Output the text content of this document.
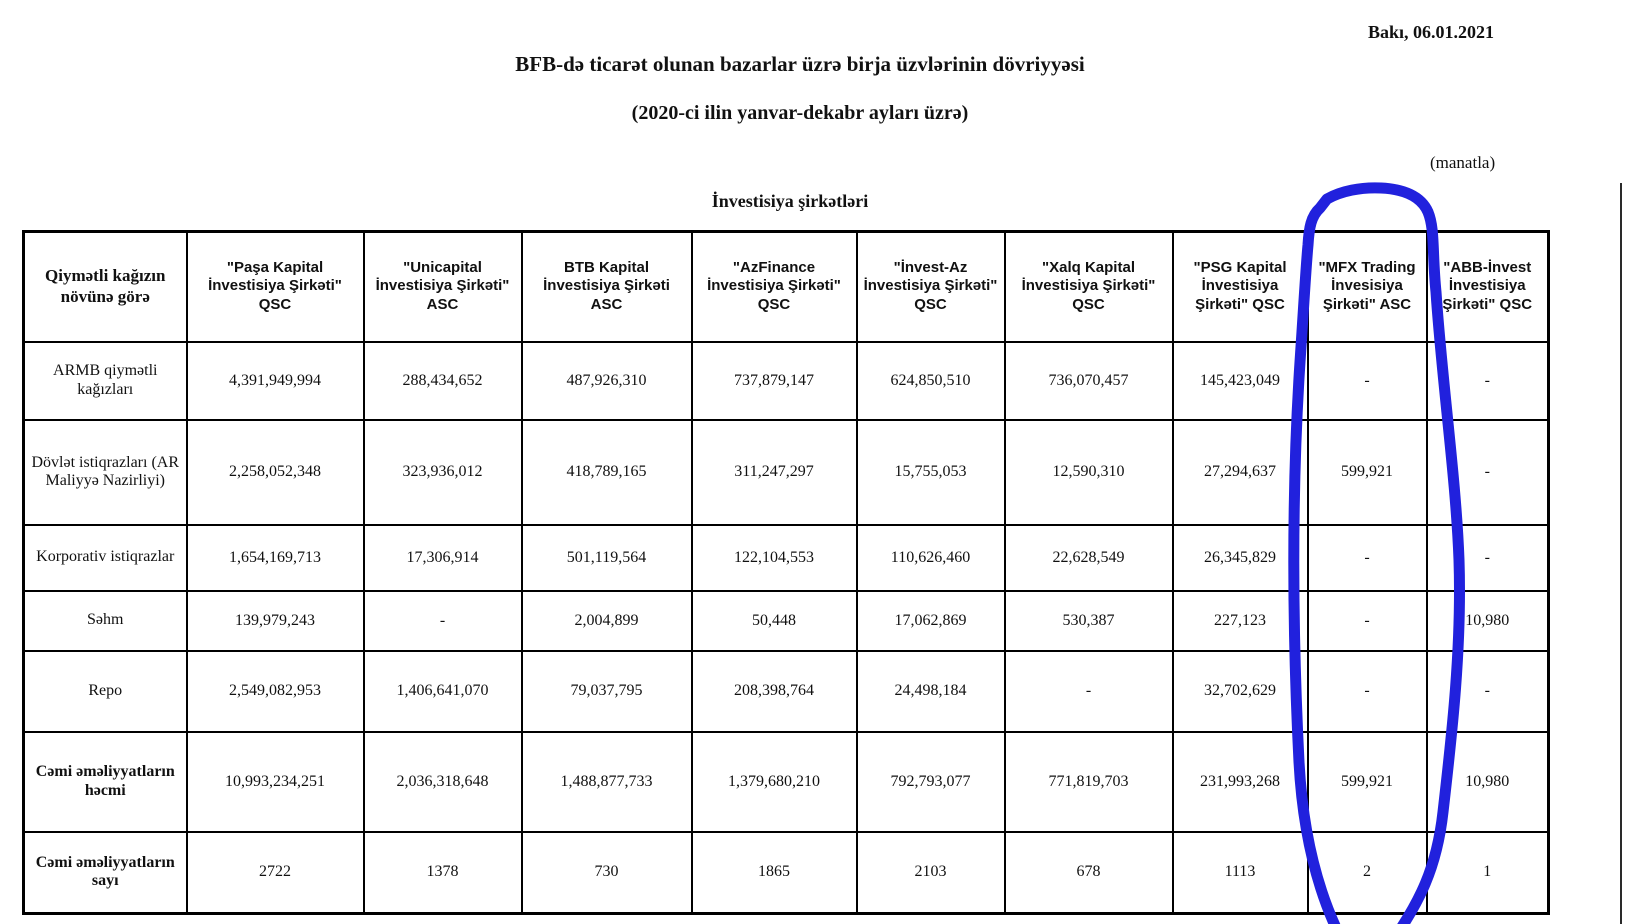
Bakı, 06.01.2021
BFB-də ticarət olunan bazarlar üzrə birja üzvlərinin dövriyyəsi
(2020-ci ilin yanvar-dekabr ayları üzrə)
(manatla)
İnvestisiya şirkətləri
Qiymətli kağızın növünə görə	"Paşa Kapital İnvestisiya Şirkəti" QSC	"Unicapital İnvestisiya Şirkəti" ASC	BTB Kapital İnvestisiya Şirkəti ASC	"AzFinance İnvestisiya Şirkəti" QSC	"İnvest-Az İnvestisiya Şirkəti" QSC	"Xalq Kapital İnvestisiya Şirkəti" QSC	"PSG Kapital İnvestisiya Şirkəti" QSC	"MFX Trading İnvesisiya Şirkəti" ASC	"ABB-İnvest İnvestisiya Şirkəti" QSC
ARMB qiymətli kağızları	4,391,949,994	288,434,652	487,926,310	737,879,147	624,850,510	736,070,457	145,423,049	-	-
Dövlət istiqrazları (AR Maliyyə Nazirliyi)	2,258,052,348	323,936,012	418,789,165	311,247,297	15,755,053	12,590,310	27,294,637	599,921	-
Korporativ istiqrazlar	1,654,169,713	17,306,914	501,119,564	122,104,553	110,626,460	22,628,549	26,345,829	-	-
Səhm	139,979,243	-	2,004,899	50,448	17,062,869	530,387	227,123	-	10,980
Repo	2,549,082,953	1,406,641,070	79,037,795	208,398,764	24,498,184	-	32,702,629	-	-
Cəmi əməliyyatların həcmi	10,993,234,251	2,036,318,648	1,488,877,733	1,379,680,210	792,793,077	771,819,703	231,993,268	599,921	10,980
Cəmi əməliyyatların sayı	2722	1378	730	1865	2103	678	1113	2	1
